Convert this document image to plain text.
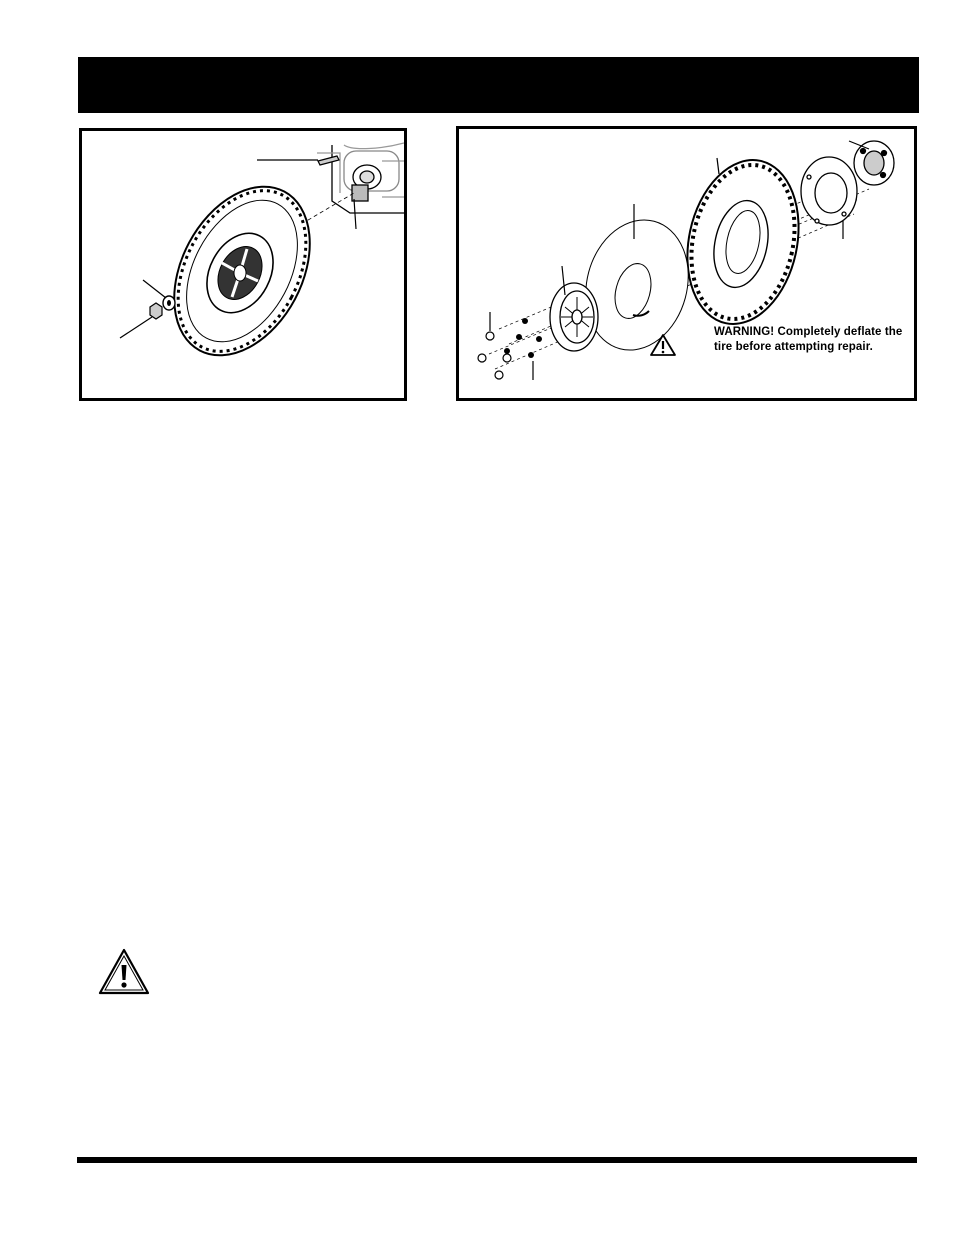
WARNING! Completely deflate the
tire before attempting repair.
